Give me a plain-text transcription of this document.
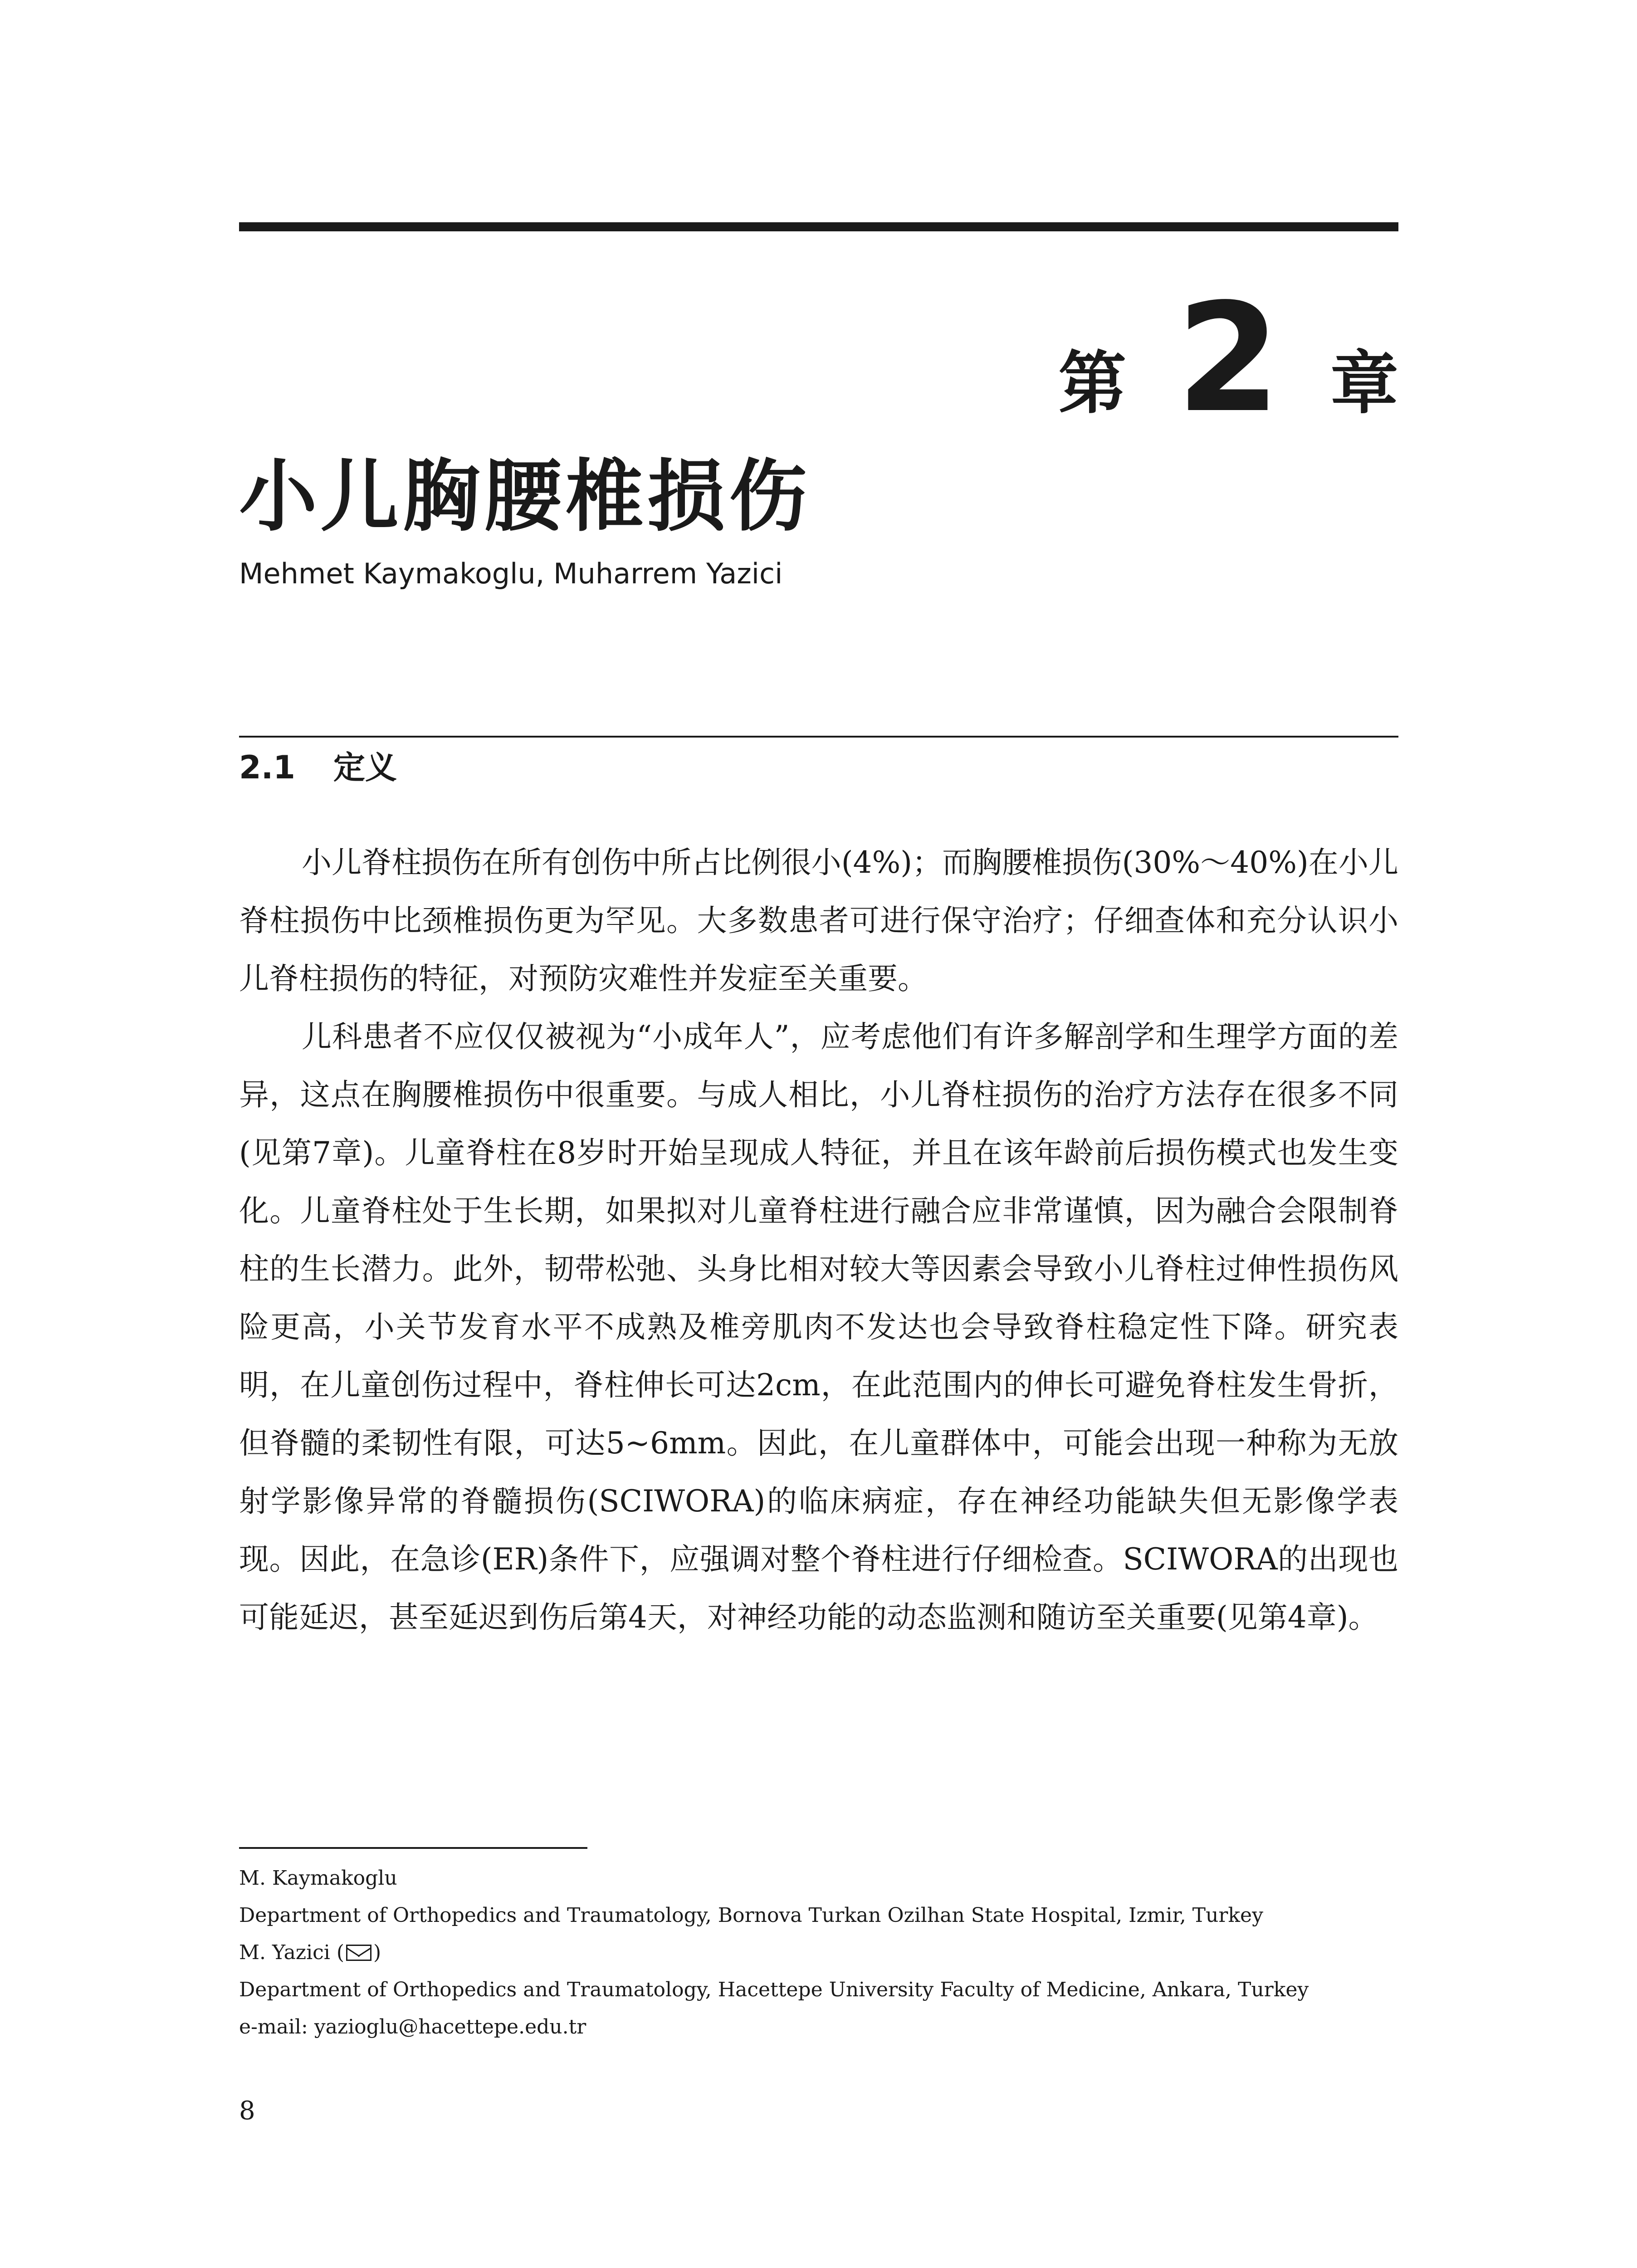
第 2 章
小儿胸腰椎损伤
Mehmet Kaymakoglu, Muharrem Yazici
2.1 定义

小儿脊柱损伤在所有创伤中所占比例很小(4%)；而胸腰椎损伤(30%～40%)在小儿脊柱损伤中比颈椎损伤更为罕见。大多数患者可进行保守治疗；仔细查体和充分认识小儿脊柱损伤的特征，对预防灾难性并发症至关重要。

儿科患者不应仅仅被视为“小成年人”，应考虑他们有许多解剖学和生理学方面的差异，这点在胸腰椎损伤中很重要。与成人相比，小儿脊柱损伤的治疗方法存在很多不同(见第7章)。儿童脊柱在8岁时开始呈现成人特征，并且在该年龄前后损伤模式也发生变化。儿童脊柱处于生长期，如果拟对儿童脊柱进行融合应非常谨慎，因为融合会限制脊柱的生长潜力。此外，韧带松弛、头身比相对较大等因素会导致小儿脊柱过伸性损伤风险更高，小关节发育水平不成熟及椎旁肌肉不发达也会导致脊柱稳定性下降。研究表明，在儿童创伤过程中，脊柱伸长可达2cm，在此范围内的伸长可避免脊柱发生骨折，但脊髓的柔韧性有限，可达5~6mm。因此，在儿童群体中，可能会出现一种称为无放射学影像异常的脊髓损伤(SCIWORA)的临床病症，存在神经功能缺失但无影像学表现。因此，在急诊(ER)条件下，应强调对整个脊柱进行仔细检查。SCIWORA的出现也可能延迟，甚至延迟到伤后第4天，对神经功能的动态监测和随访至关重要(见第4章)。

M. Kaymakoglu
Department of Orthopedics and Traumatology, Bornova Turkan Ozilhan State Hospital, Izmir, Turkey
M. Yazici ( )
Department of Orthopedics and Traumatology, Hacettepe University Faculty of Medicine, Ankara, Turkey
e-mail: yazioglu@hacettepe.edu.tr
8
